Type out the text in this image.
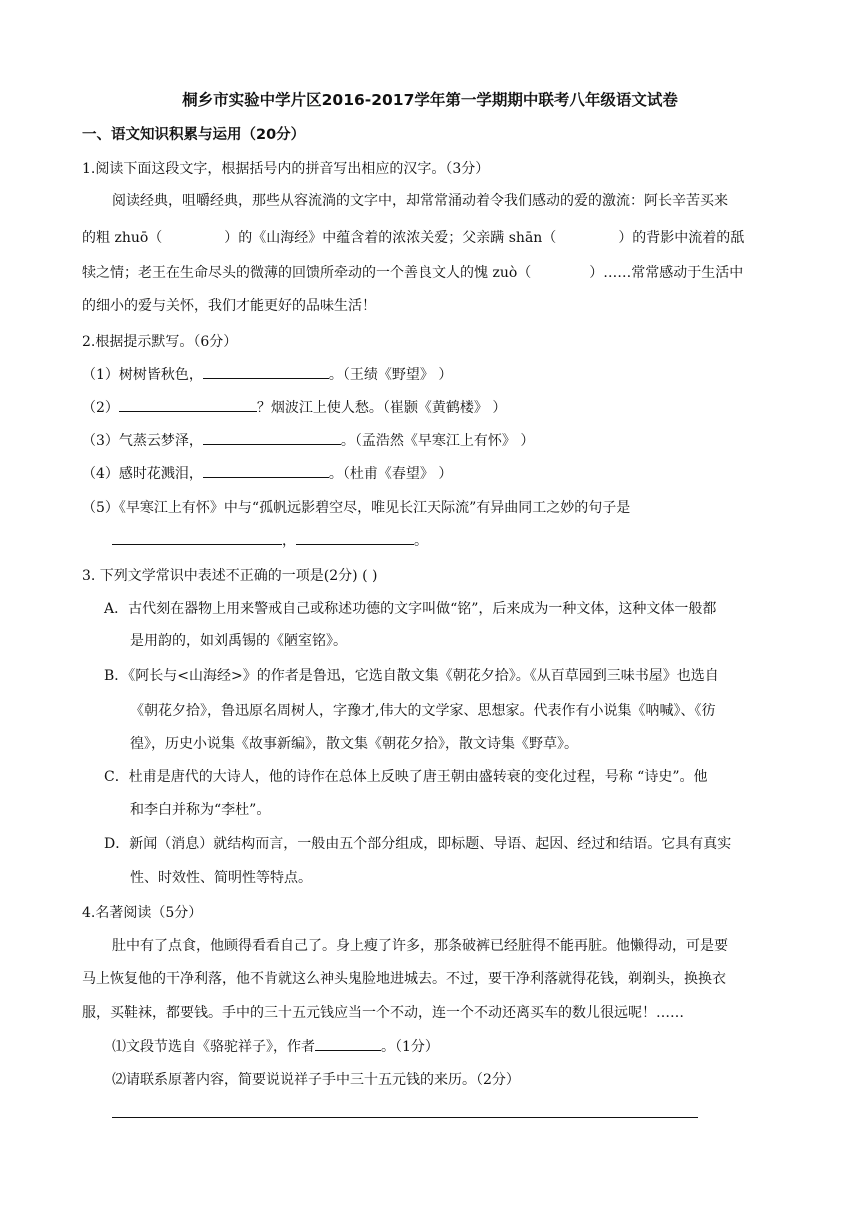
桐乡市实验中学片区2016-2017学年第一学期期中联考八年级语文试卷
一、语文知识积累与运用（20分）
1.阅读下面这段文字，根据括号内的拼音写出相应的汉字。（3分）
阅读经典，咀嚼经典，那些从容流淌的文字中，却常常涌动着令我们感动的爱的激流：阿长辛苦买来
的粗 zhuō（	）的《山海经》中蕴含着的浓浓关爱；父亲蹒 shān（	）的背影中流着的舐
犊之情；老王在生命尽头的微薄的回馈所牵动的一个善良文人的愧 zuò（	）……常常感动于生活中
的细小的爱与关怀，我们才能更好的品味生活！
2.根据提示默写。（6分）
（1）树树皆秋色，	。（王绩《野望》 ）
（2）	？烟波江上使人愁。（崔颢《黄鹤楼》 ）
（3）气蒸云梦泽，	。（孟浩然《早寒江上有怀》 ）
（4）感时花溅泪，	。（杜甫《春望》 ）
（5）《早寒江上有怀》中与“孤帆远影碧空尽，唯见长江天际流”有异曲同工之妙的句子是
，	。
3. 下列文学常识中表述不正确的一项是(2分) ( )
A．古代刻在器物上用来警戒自己或称述功德的文字叫做“铭”，后来成为一种文体，这种文体一般都
是用韵的，如刘禹锡的《陋室铭》。
B．《阿长与<山海经>》的作者是鲁迅，它选自散文集《朝花夕拾》。《从百草园到三味书屋》也选自
《朝花夕拾》，鲁迅原名周树人，字豫才,伟大的文学家、思想家。代表作有小说集《呐喊》、《彷
徨》，历史小说集《故事新编》，散文集《朝花夕拾》，散文诗集《野草》。
C．杜甫是唐代的大诗人，他的诗作在总体上反映了唐王朝由盛转衰的变化过程，号称 “诗史”。他
和李白并称为“李杜”。
D．新闻（消息）就结构而言，一般由五个部分组成，即标题、导语、起因、经过和结语。它具有真实
性、时效性、简明性等特点。
4.名著阅读（5分）
肚中有了点食，他顾得看看自己了。身上瘦了许多，那条破裤已经脏得不能再脏。他懒得动，可是要
马上恢复他的干净利落，他不肯就这么神头鬼脸地进城去。不过，要干净利落就得花钱，剃剃头，换换衣
服，买鞋袜，都要钱。手中的三十五元钱应当一个不动，连一个不动还离买车的数儿很远呢！……
⑴文段节选自《骆驼祥子》，作者	。（1分）
⑵请联系原著内容，简要说说祥子手中三十五元钱的来历。（2分）
